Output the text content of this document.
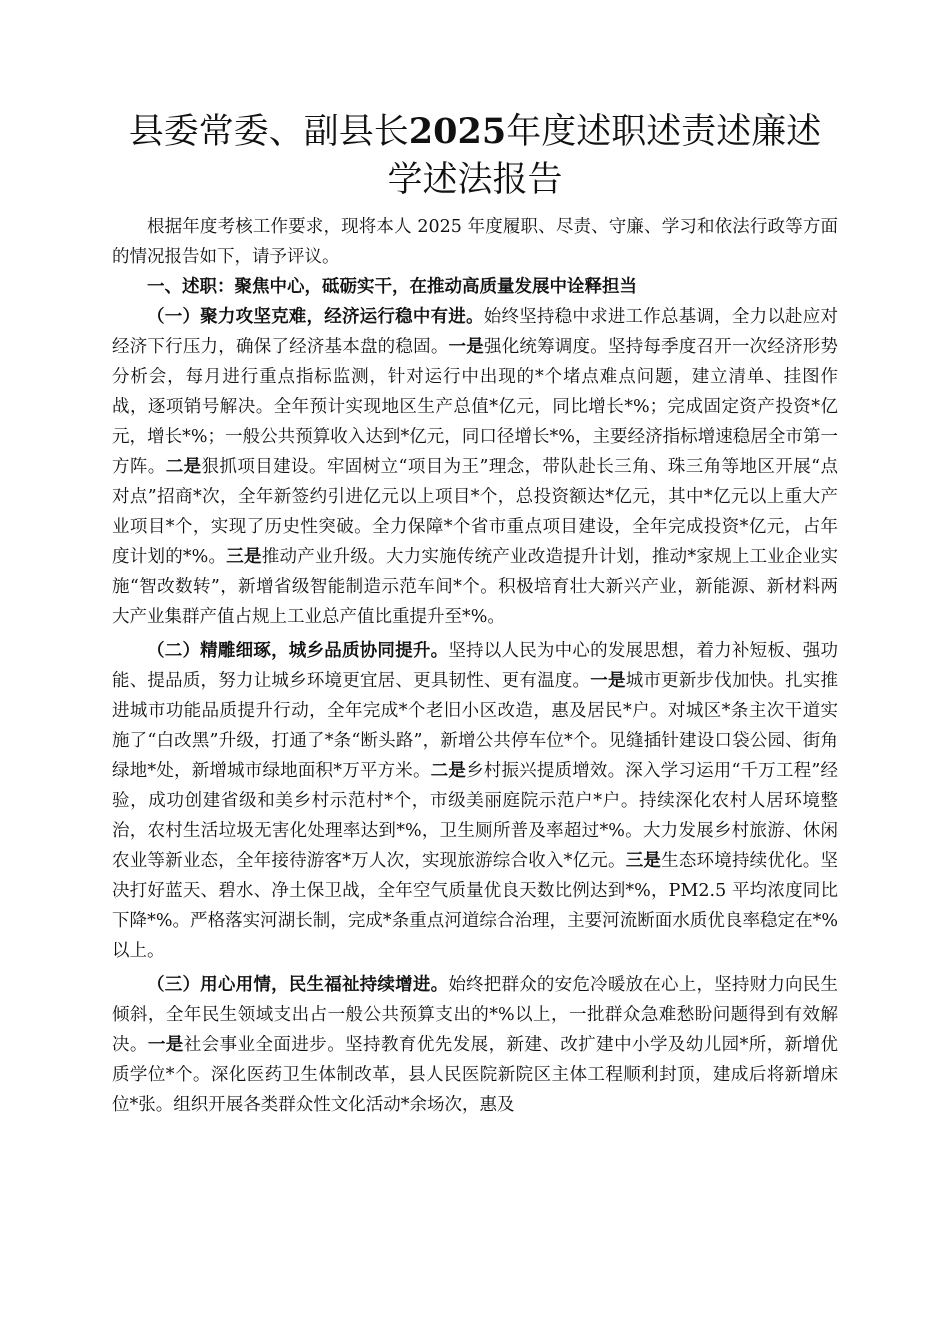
县委常委、副县长2025年度述职述责述廉述学述法报告

根据年度考核工作要求，现将本人 2025 年度履职、尽责、守廉、学习和依法行政等方面的情况报告如下，请予评议。

一、述职：聚焦中心，砥砺实干，在推动高质量发展中诠释担当

（一）聚力攻坚克难，经济运行稳中有进。始终坚持稳中求进工作总基调，全力以赴应对经济下行压力，确保了经济基本盘的稳固。一是强化统筹调度。坚持每季度召开一次经济形势分析会，每月进行重点指标监测，针对运行中出现的*个堵点难点问题，建立清单、挂图作战，逐项销号解决。全年预计实现地区生产总值*亿元，同比增长*%；完成固定资产投资*亿元，增长*%；一般公共预算收入达到*亿元，同口径增长*%，主要经济指标增速稳居全市第一方阵。二是狠抓项目建设。牢固树立“项目为王”理念，带队赴长三角、珠三角等地区开展“点对点”招商*次，全年新签约引进亿元以上项目*个，总投资额达*亿元，其中*亿元以上重大产业项目*个，实现了历史性突破。全力保障*个省市重点项目建设，全年完成投资*亿元，占年度计划的*%。三是推动产业升级。大力实施传统产业改造提升计划，推动*家规上工业企业实施“智改数转”，新增省级智能制造示范车间*个。积极培育壮大新兴产业，新能源、新材料两大产业集群产值占规上工业总产值比重提升至*%。

（二）精雕细琢，城乡品质协同提升。坚持以人民为中心的发展思想，着力补短板、强功能、提品质，努力让城乡环境更宜居、更具韧性、更有温度。一是城市更新步伐加快。扎实推进城市功能品质提升行动，全年完成*个老旧小区改造，惠及居民*户。对城区*条主次干道实施了“白改黑”升级，打通了*条“断头路”，新增公共停车位*个。见缝插针建设口袋公园、街角绿地*处，新增城市绿地面积*万平方米。二是乡村振兴提质增效。深入学习运用“千万工程”经验，成功创建省级和美乡村示范村*个，市级美丽庭院示范户*户。持续深化农村人居环境整治，农村生活垃圾无害化处理率达到*%，卫生厕所普及率超过*%。大力发展乡村旅游、休闲农业等新业态，全年接待游客*万人次，实现旅游综合收入*亿元。三是生态环境持续优化。坚决打好蓝天、碧水、净土保卫战，全年空气质量优良天数比例达到*%，PM2.5 平均浓度同比下降*%。严格落实河湖长制，完成*条重点河道综合治理，主要河流断面水质优良率稳定在*%以上。

（三）用心用情，民生福祉持续增进。始终把群众的安危冷暖放在心上，坚持财力向民生倾斜，全年民生领域支出占一般公共预算支出的*%以上，一批群众急难愁盼问题得到有效解决。一是社会事业全面进步。坚持教育优先发展，新建、改扩建中小学及幼儿园*所，新增优质学位*个。深化医药卫生体制改革，县人民医院新院区主体工程顺利封顶，建成后将新增床位*张。组织开展各类群众性文化活动*余场次，惠及
